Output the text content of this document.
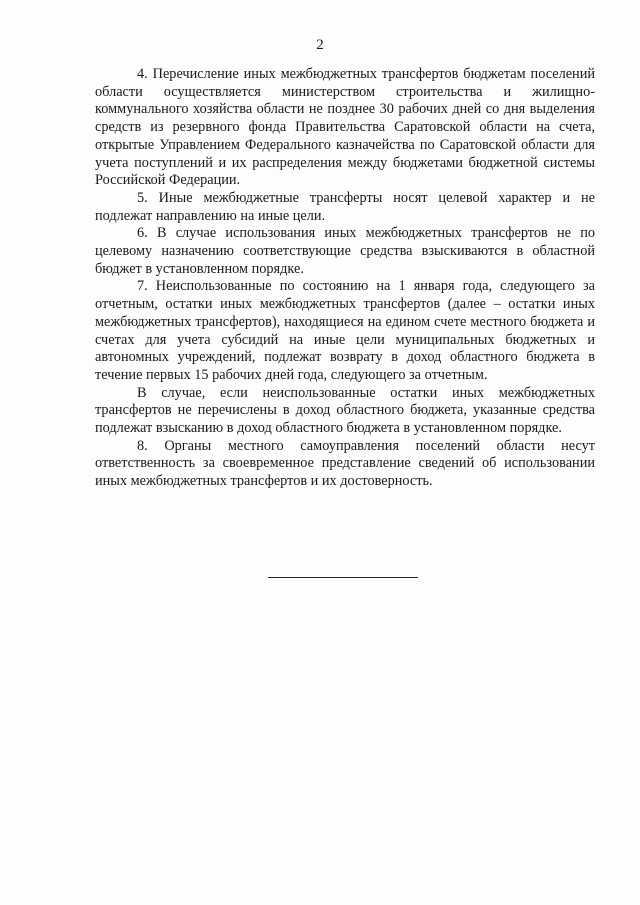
2

4. Перечисление иных межбюджетных трансфертов бюджетам поселений области осуществляется министерством строительства и жилищно-коммунального хозяйства области не позднее 30 рабочих дней со дня выделения средств из резервного фонда Правительства Саратовской области на счета, открытые Управлением Федерального казначейства по Саратовской области для учета поступлений и их распределения между бюджетами бюджетной системы Российской Федерации.

5. Иные межбюджетные трансферты носят целевой характер и не подлежат направлению на иные цели.

6. В случае использования иных межбюджетных трансфертов не по целевому назначению соответствующие средства взыскиваются в областной бюджет в установленном порядке.

7. Неиспользованные по состоянию на 1 января года, следующего за отчетным, остатки иных межбюджетных трансфертов (далее – остатки иных межбюджетных трансфертов), находящиеся на едином счете местного бюджета и счетах для учета субсидий на иные цели муниципальных бюджетных и автономных учреждений, подлежат возврату в доход областного бюджета в течение первых 15 рабочих дней года, следующего за отчетным.

В случае, если неиспользованные остатки иных межбюджетных трансфертов не перечислены в доход областного бюджета, указанные средства подлежат взысканию в доход областного бюджета в установленном порядке.

8. Органы местного самоуправления поселений области несут ответственность за своевременное представление сведений об использовании иных межбюджетных трансфертов и их достоверность.
